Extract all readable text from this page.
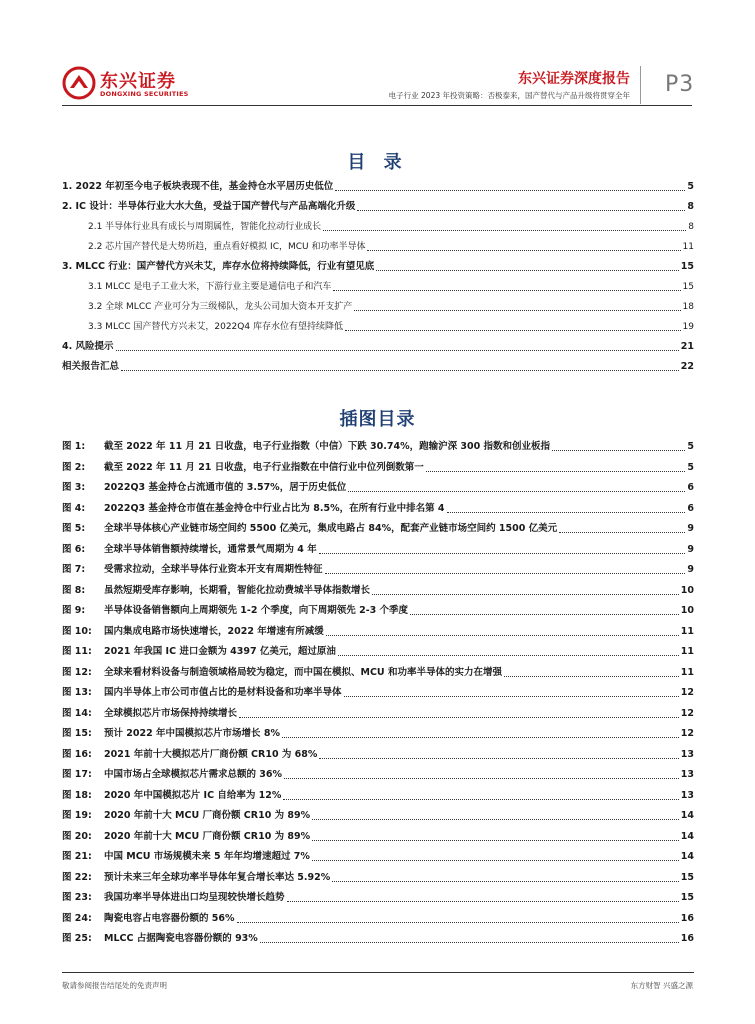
东兴证券
DONGXING SECURITIES
东兴证券深度报告
电子行业 2023 年投资策略：否极泰来，国产替代与产品升级将贯穿全年 P3
目 录
1. 2022 年初至今电子板块表现不佳，基金持仓水平居历史低位	5
2. IC 设计：半导体行业大水大鱼，受益于国产替代与产品高端化升级	8
2.1 半导体行业具有成长与周期属性，智能化拉动行业成长	8
2.2 芯片国产替代是大势所趋，重点看好模拟 IC，MCU 和功率半导体	11
3. MLCC 行业：国产替代方兴未艾，库存水位将持续降低，行业有望见底	15
3.1 MLCC 是电子工业大米，下游行业主要是通信电子和汽车	15
3.2 全球 MLCC 产业可分为三级梯队，龙头公司加大资本开支扩产	18
3.3 MLCC 国产替代方兴未艾，2022Q4 库存水位有望持续降低	19
4. 风险提示	21
相关报告汇总	22
插图目录
图 1:	截至 2022 年 11 月 21 日收盘，电子行业指数（中信）下跌 30.74%，跑输沪深 300 指数和创业板指	5
图 2:	截至 2022 年 11 月 21 日收盘，电子行业指数在中信行业中位列倒数第一	5
图 3:	2022Q3 基金持仓占流通市值的 3.57%，居于历史低位	6
图 4:	2022Q3 基金持仓市值在基金持仓中行业占比为 8.5%，在所有行业中排名第 4	6
图 5:	全球半导体核心产业链市场空间约 5500 亿美元，集成电路占 84%，配套产业链市场空间约 1500 亿美元	9
图 6:	全球半导体销售额持续增长，通常景气周期为 4 年	9
图 7:	受需求拉动，全球半导体行业资本开支有周期性特征	9
图 8:	虽然短期受库存影响，长期看，智能化拉动费城半导体指数增长	10
图 9:	半导体设备销售额向上周期领先 1-2 个季度，向下周期领先 2-3 个季度	10
图 10:	国内集成电路市场快速增长，2022 年增速有所减缓	11
图 11:	2021 年我国 IC 进口金额为 4397 亿美元，超过原油	11
图 12:	全球来看材料设备与制造领域格局较为稳定，而中国在模拟、MCU 和功率半导体的实力在增强	11
图 13:	国内半导体上市公司市值占比的是材料设备和功率半导体	12
图 14:	全球模拟芯片市场保持持续增长	12
图 15:	预计 2022 年中国模拟芯片市场增长 8%	12
图 16:	2021 年前十大模拟芯片厂商份额 CR10 为 68%	13
图 17:	中国市场占全球模拟芯片需求总额的 36%	13
图 18:	2020 年中国模拟芯片 IC 自给率为 12%	13
图 19:	2020 年前十大 MCU 厂商份额 CR10 为 89%	14
图 20:	2020 年前十大 MCU 厂商份额 CR10 为 89%	14
图 21:	中国 MCU 市场规模未来 5 年年均增速超过 7%	14
图 22:	预计未来三年全球功率半导体年复合增长率达 5.92%	15
图 23:	我国功率半导体进出口均呈现较快增长趋势	15
图 24:	陶瓷电容占电容器份额的 56%	16
图 25:	MLCC 占据陶瓷电容器份额的 93%	16
敬请参阅报告结尾处的免责声明	东方财智 兴盛之源
